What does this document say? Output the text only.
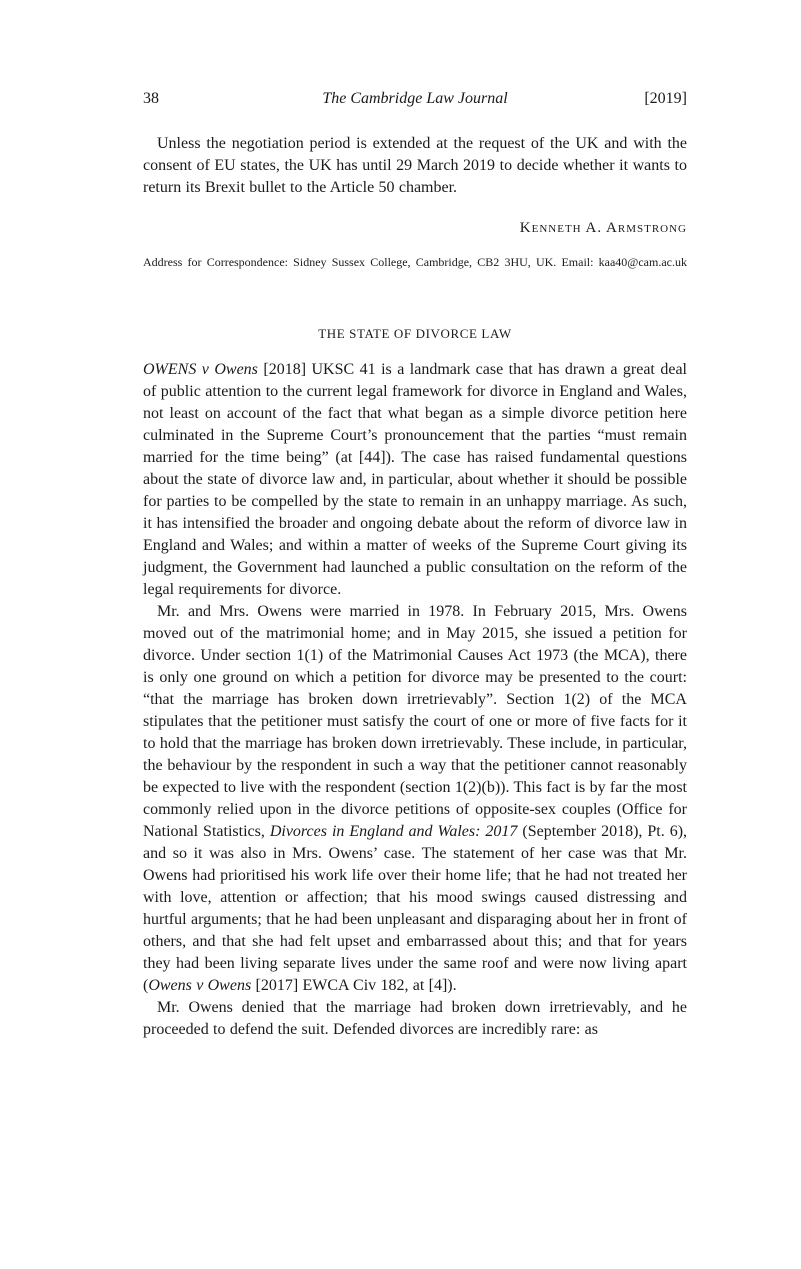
38	The Cambridge Law Journal	[2019]

Unless the negotiation period is extended at the request of the UK and with the consent of EU states, the UK has until 29 March 2019 to decide whether it wants to return its Brexit bullet to the Article 50 chamber.

Kenneth A. Armstrong
Address for Correspondence: Sidney Sussex College, Cambridge, CB2 3HU, UK. Email: kaa40@cam.ac.uk
THE STATE OF DIVORCE LAW

OWENS v Owens [2018] UKSC 41 is a landmark case that has drawn a great deal of public attention to the current legal framework for divorce in England and Wales, not least on account of the fact that what began as a simple divorce petition here culminated in the Supreme Court’s pronouncement that the parties “must remain married for the time being” (at [44]). The case has raised fundamental questions about the state of divorce law and, in particular, about whether it should be possible for parties to be compelled by the state to remain in an unhappy marriage. As such, it has intensified the broader and ongoing debate about the reform of divorce law in England and Wales; and within a matter of weeks of the Supreme Court giving its judgment, the Government had launched a public consultation on the reform of the legal requirements for divorce.

Mr. and Mrs. Owens were married in 1978. In February 2015, Mrs. Owens moved out of the matrimonial home; and in May 2015, she issued a petition for divorce. Under section 1(1) of the Matrimonial Causes Act 1973 (the MCA), there is only one ground on which a petition for divorce may be presented to the court: “that the marriage has broken down irretrievably”. Section 1(2) of the MCA stipulates that the petitioner must satisfy the court of one or more of five facts for it to hold that the marriage has broken down irretrievably. These include, in particular, the behaviour by the respondent in such a way that the petitioner cannot reasonably be expected to live with the respondent (section 1(2)(b)). This fact is by far the most commonly relied upon in the divorce petitions of opposite-sex couples (Office for National Statistics, Divorces in England and Wales: 2017 (September 2018), Pt. 6), and so it was also in Mrs. Owens’ case. The statement of her case was that Mr. Owens had prioritised his work life over their home life; that he had not treated her with love, attention or affection; that his mood swings caused distressing and hurtful arguments; that he had been unpleasant and disparaging about her in front of others, and that she had felt upset and embarrassed about this; and that for years they had been living separate lives under the same roof and were now living apart (Owens v Owens [2017] EWCA Civ 182, at [4]).

Mr. Owens denied that the marriage had broken down irretrievably, and he proceeded to defend the suit. Defended divorces are incredibly rare: as
